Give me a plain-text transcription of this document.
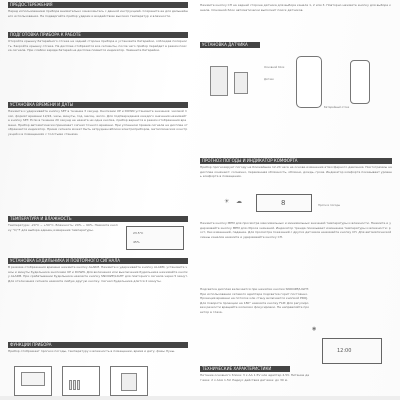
ПРЕДОСТЕРЕЖЕНИЯ
Перед использованием прибора внимательно ознакомьтесь с данной инструкцией. Сохраните ее для дальнейшего использования. Не подвергайте прибор ударам и воздействию высоких температур и влажности.
ПОДГОТОВКА ПРИБОРА К РАБОТЕ
Откройте крышку батарейного отсека на задней стороне прибора и установите батарейки, соблюдая полярность. Закройте крышку отсека. На дисплее отобразятся все сегменты, после чего прибор перейдет в режим поиска сигнала. При слабом заряде батарей на дисплее появится индикатор. Замените батарейки.
УСТАНОВКА ВРЕМЕНИ И ДАТЫ
Нажмите и удерживайте кнопку SET в течение 3 секунд. Кнопками UP и DOWN установите значения: часовой пояс, формат времени 12/24, часы, минуты, год, месяц, число. Для подтверждения каждого значения нажимайте кнопку SET. Если в течение 20 секунд не нажата ни одна кнопка, прибор вернется в режим отображения времени. Прибор автоматически принимает сигнал точного времени. При успешном приеме сигнала на дисплее отображается индикатор. Прием сигнала может быть затруднен вблизи электроприборов, металлических конструкций и в помещениях с толстыми стенами.
ТЕМПЕРАТУРА И ВЛАЖНОСТЬ
Температура: -20°C ~ +50°C. Влажность: 20% ~ 99%. Нажмите кнопку °C/°F для выбора единиц измерения температуры.
23.5°C
45%
УСТАНОВКА БУДИЛЬНИКА И ПОВТОРНОГО СИГНАЛА
В режиме отображения времени нажмите кнопку ALARM. Нажмите и удерживайте кнопку ALARM, установите часы и минуты будильника кнопками UP и DOWN. Для включения или выключения будильника нажимайте кнопку ALARM. При срабатывании будильника нажмите кнопку SNOOZE/LIGHT для повторного сигнала через 5 минут. Для отключения сигнала нажмите любую другую кнопку. Сигнал будильника длится 2 минуты.
ФУНКЦИИ ПРИБОРА
Прибор отображает прогноз погоды, температуру и влажность в помещении, время и дату, фазы Луны.
Нажмите кнопку CH на задней стороне датчика для выбора канала 1, 2 или 3. Повторно нажмите кнопку для выбора канала. Основной блок автоматически выполнит поиск датчиков.
УСТАНОВКА ДАТЧИКА
Основной блок
Датчик
Батарейный отсек
ПРОГНОЗ ПОГОДЫ И ИНДИКАТОР КОМФОРТА
Прибор прогнозирует погоду на ближайшие 12-24 часа на основе изменения атмосферного давления. Пиктограммы на дисплее означают: солнечно, переменная облачность, облачно, дождь, гроза. Индикатор комфорта показывает уровень комфорта в помещении.
8	Прогноз погоды
☀ ☁
Нажмите кнопку MEM для просмотра максимальных и минимальных значений температуры и влажности. Нажмите и удерживайте кнопку MEM для сброса значений. Индикатор тренда показывает изменение температуры и влажности: рост, без изменений, падение. Для просмотра показаний с других датчиков нажимайте кнопку CH. Для автоматической смены каналов нажмите и удерживайте кнопку CH.
Подсветка дисплея включается при нажатии кнопки SNOOZE/LIGHT. При использовании сетевого адаптера подсветка горит постоянно. Проекция времени на потолок или стену включается кнопкой PROJ. Для поворота проекции на 180° нажмите кнопку FLIP. Для регулировки резкости вращайте колесико фокусировки. Не направляйте проектор в глаза.
12:00
◉
ТЕХНИЧЕСКИЕ ХАРАКТЕРИСТИКИ
Питание основного блока: 3 x AA 1.5V или адаптер 4.5V. Питание датчика: 2 x AAA 1.5V. Радиус действия датчика: до 30 м.
